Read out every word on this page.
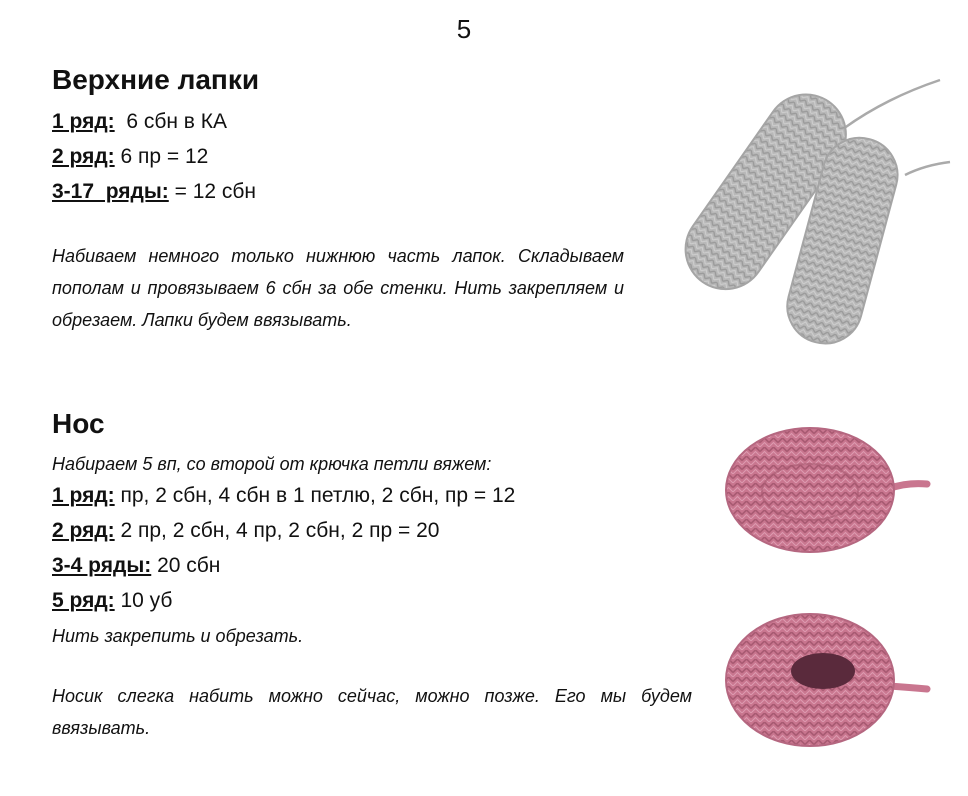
5
Верхние лапки
1 ряд:  6 сбн в КА
2 ряд: 6 пр = 12
3-17  ряды: = 12 сбн
Набиваем немного только нижнюю часть лапок. Складываем пополам и провязываем 6 сбн за обе стенки. Нить закрепляем и обрезаем. Лапки будем ввязывать.
Нос
Набираем 5 вп, со второй от крючка петли вяжем:
1 ряд: пр, 2 сбн, 4 сбн в 1 петлю, 2 сбн, пр = 12
2 ряд: 2 пр, 2 сбн, 4 пр, 2 сбн, 2 пр = 20
3-4 ряды: 20 сбн
5 ряд: 10 уб
Нить закрепить и обрезать.
Носик слегка набить можно сейчас, можно позже. Его мы будем ввязывать.
